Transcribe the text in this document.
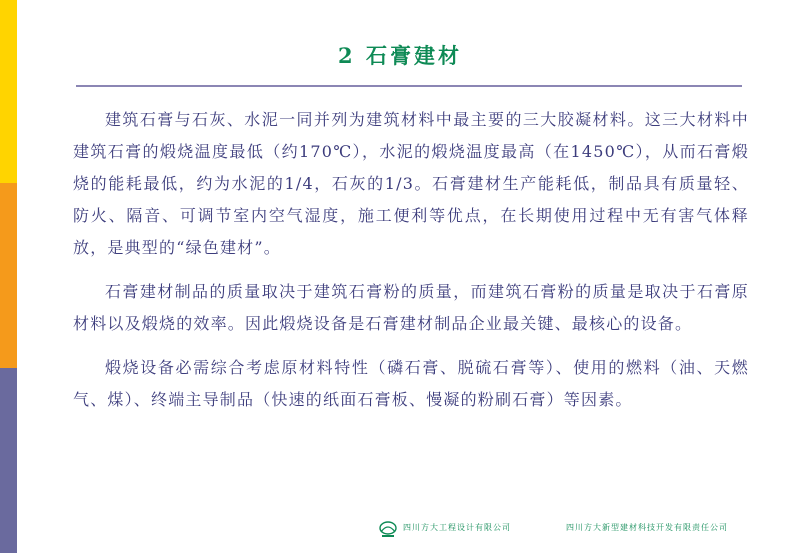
2 石膏建材

建筑石膏与石灰、水泥一同并列为建筑材料中最主要的三大胶凝材料。这三大材料中建筑石膏的煅烧温度最低（约170℃），水泥的煅烧温度最高（在1450℃），从而石膏煅烧的能耗最低，约为水泥的1/4，石灰的1/3。石膏建材生产能耗低，制品具有质量轻、防火、隔音、可调节室内空气湿度，施工便利等优点，在长期使用过程中无有害气体释放，是典型的“绿色建材”。

石膏建材制品的质量取决于建筑石膏粉的质量，而建筑石膏粉的质量是取决于石膏原材料以及煅烧的效率。因此煅烧设备是石膏建材制品企业最关键、最核心的设备。

煅烧设备必需综合考虑原材料特性（磷石膏、脱硫石膏等）、使用的燃料（油、天燃气、煤）、终端主导制品（快速的纸面石膏板、慢凝的粉刷石膏）等因素。

四川方大工程设计有限公司	四川方大新型建材科技开发有限责任公司
